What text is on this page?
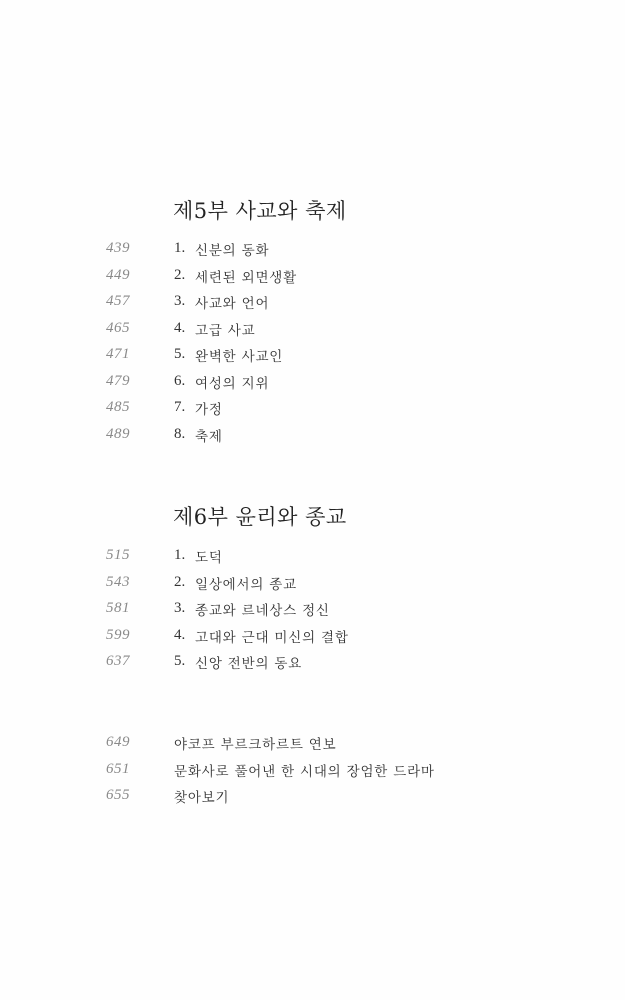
제5부 사교와 축제
439	1. 신분의 동화
449	2. 세련된 외면생활
457	3. 사교와 언어
465	4. 고급 사교
471	5. 완벽한 사교인
479	6. 여성의 지위
485	7. 가정
489	8. 축제
제6부 윤리와 종교
515	1. 도덕
543	2. 일상에서의 종교
581	3. 종교와 르네상스 정신
599	4. 고대와 근대 미신의 결합
637	5. 신앙 전반의 동요
649	야코프 부르크하르트 연보
651	문화사로 풀어낸 한 시대의 장엄한 드라마
655	찾아보기
